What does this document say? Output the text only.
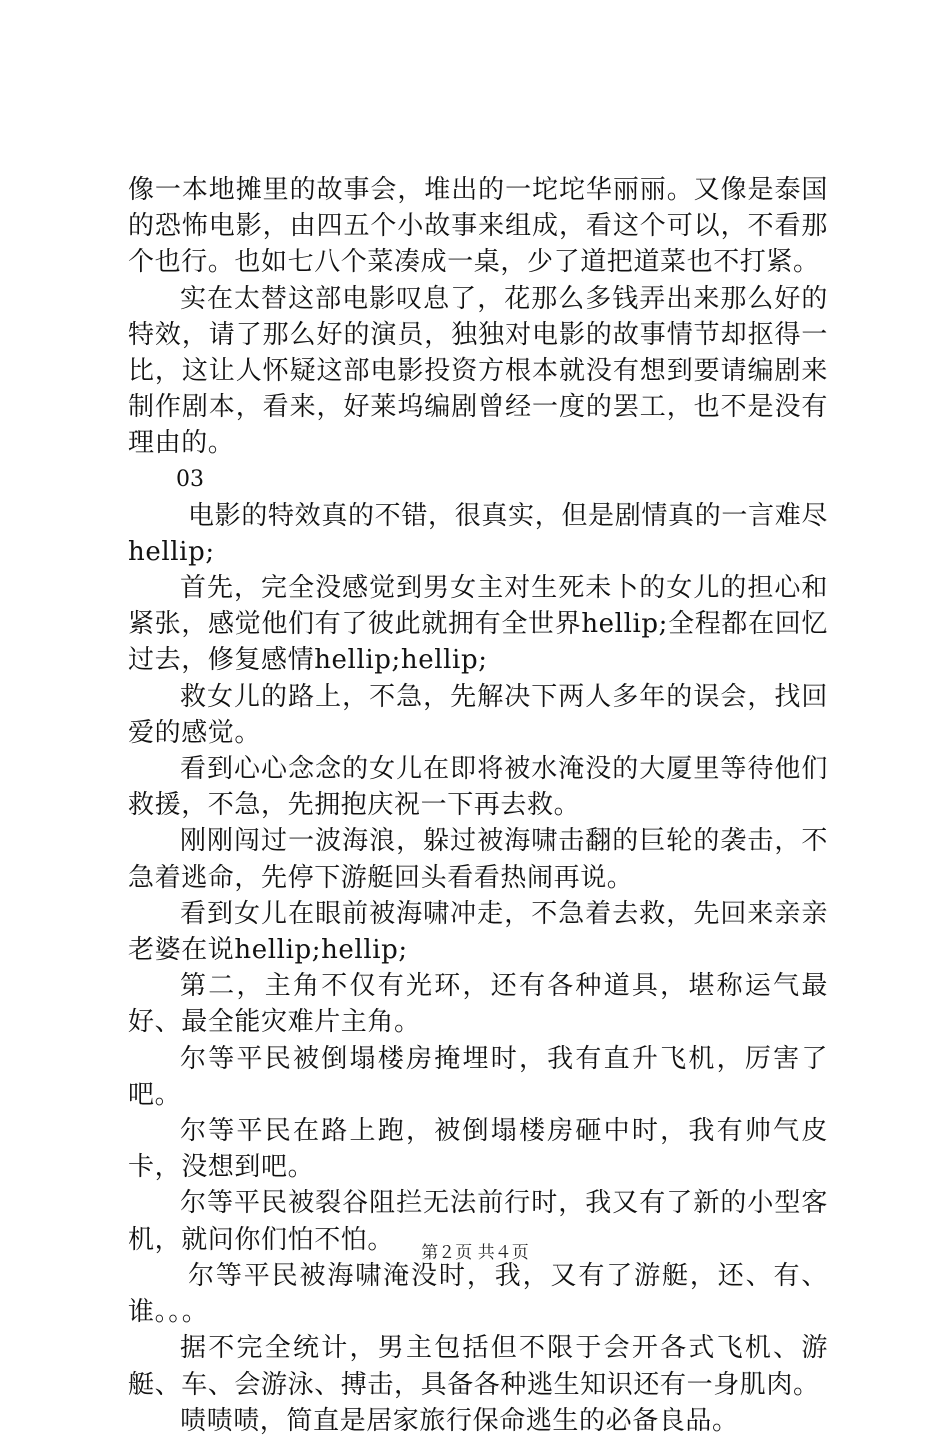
像一本地摊里的故事会，堆出的一坨坨华丽丽。又像是泰国的恐怖电影，由四五个小故事来组成，看这个可以，不看那个也行。也如七八个菜凑成一桌，少了道把道菜也不打紧。

实在太替这部电影叹息了，花那么多钱弄出来那么好的特效，请了那么好的演员，独独对电影的故事情节却抠得一比，这让人怀疑这部电影投资方根本就没有想到要请编剧来制作剧本，看来，好莱坞编剧曾经一度的罢工，也不是没有理由的。

03

电影的特效真的不错，很真实，但是剧情真的一言难尽hellip;

首先，完全没感觉到男女主对生死未卜的女儿的担心和紧张，感觉他们有了彼此就拥有全世界hellip;全程都在回忆过去，修复感情hellip;hellip;

救女儿的路上，不急，先解决下两人多年的误会，找回爱的感觉。

看到心心念念的女儿在即将被水淹没的大厦里等待他们救援，不急，先拥抱庆祝一下再去救。

刚刚闯过一波海浪，躲过被海啸击翻的巨轮的袭击，不急着逃命，先停下游艇回头看看热闹再说。

看到女儿在眼前被海啸冲走，不急着去救，先回来亲亲老婆在说hellip;hellip;

第二，主角不仅有光环，还有各种道具，堪称运气最好、最全能灾难片主角。

尔等平民被倒塌楼房掩埋时，我有直升飞机，厉害了吧。

尔等平民在路上跑，被倒塌楼房砸中时，我有帅气皮卡，没想到吧。

尔等平民被裂谷阻拦无法前行时，我又有了新的小型客机，就问你们怕不怕。

尔等平民被海啸淹没时，我，又有了游艇，还、有、谁。。。

据不完全统计，男主包括但不限于会开各式飞机、游艇、车、会游泳、搏击，具备各种逃生知识还有一身肌肉。

啧啧啧，简直是居家旅行保命逃生的必备良品。

第２页 共４页
